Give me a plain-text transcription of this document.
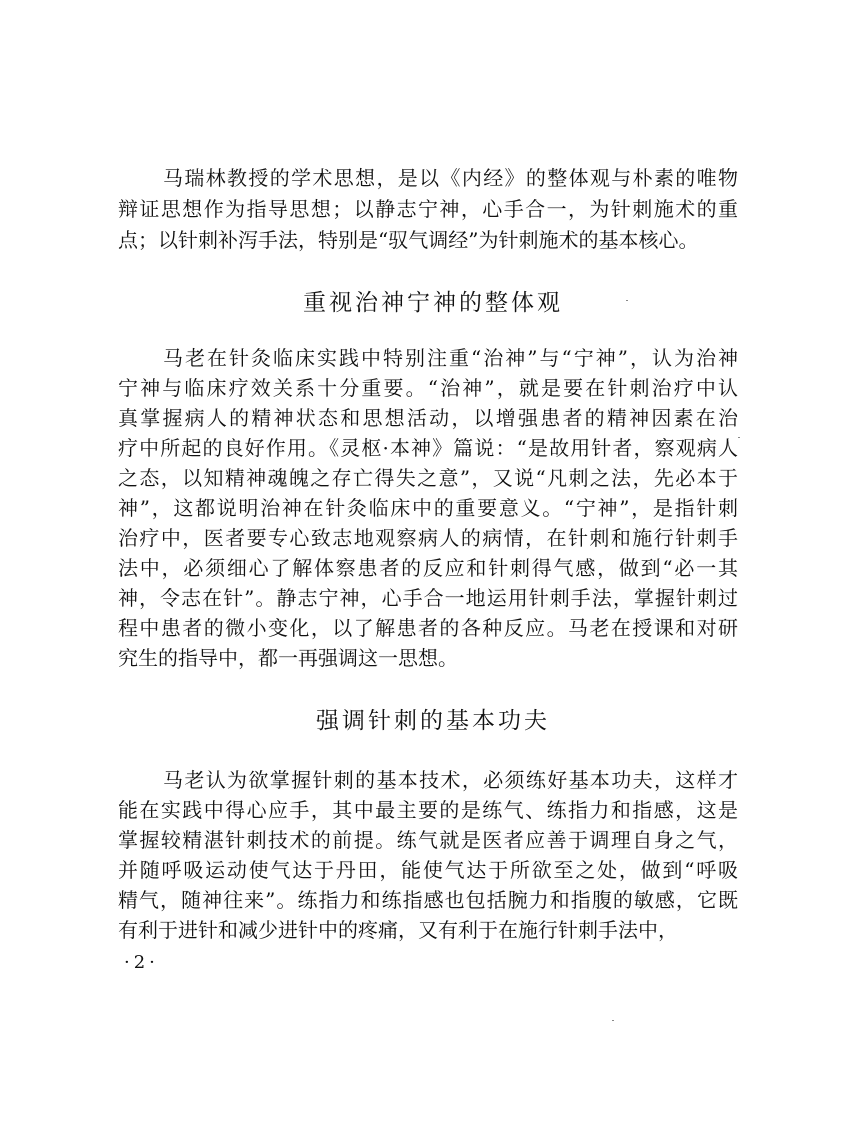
马瑞林教授的学术思想，是以《内经》的整体观与朴素的唯物
辩证思想作为指导思想；以静志宁神，心手合一，为针刺施术的重
点；以针刺补泻手法，特别是“驭气调经”为针刺施术的基本核心。
重视治神宁神的整体观
马老在针灸临床实践中特别注重“治神”与“宁神”，认为治神
宁神与临床疗效关系十分重要。“治神”，就是要在针刺治疗中认
真掌握病人的精神状态和思想活动，以增强患者的精神因素在治
疗中所起的良好作用。《灵枢·本神》篇说：“是故用针者，察观病人
之态，以知精神魂魄之存亡得失之意”，又说“凡刺之法，先必本于
神”，这都说明治神在针灸临床中的重要意义。“宁神”，是指针刺
治疗中，医者要专心致志地观察病人的病情，在针刺和施行针刺手
法中，必须细心了解体察患者的反应和针刺得气感，做到“必一其
神，令志在针”。静志宁神，心手合一地运用针刺手法，掌握针刺过
程中患者的微小变化，以了解患者的各种反应。马老在授课和对研
究生的指导中，都一再强调这一思想。
强调针刺的基本功夫
马老认为欲掌握针刺的基本技术，必须练好基本功夫，这样才
能在实践中得心应手，其中最主要的是练气、练指力和指感，这是
掌握较精湛针刺技术的前提。练气就是医者应善于调理自身之气，
并随呼吸运动使气达于丹田，能使气达于所欲至之处，做到“呼吸
精气，随神往来”。练指力和练指感也包括腕力和指腹的敏感，它既
有利于进针和减少进针中的疼痛，又有利于在施行针刺手法中，
·2·
